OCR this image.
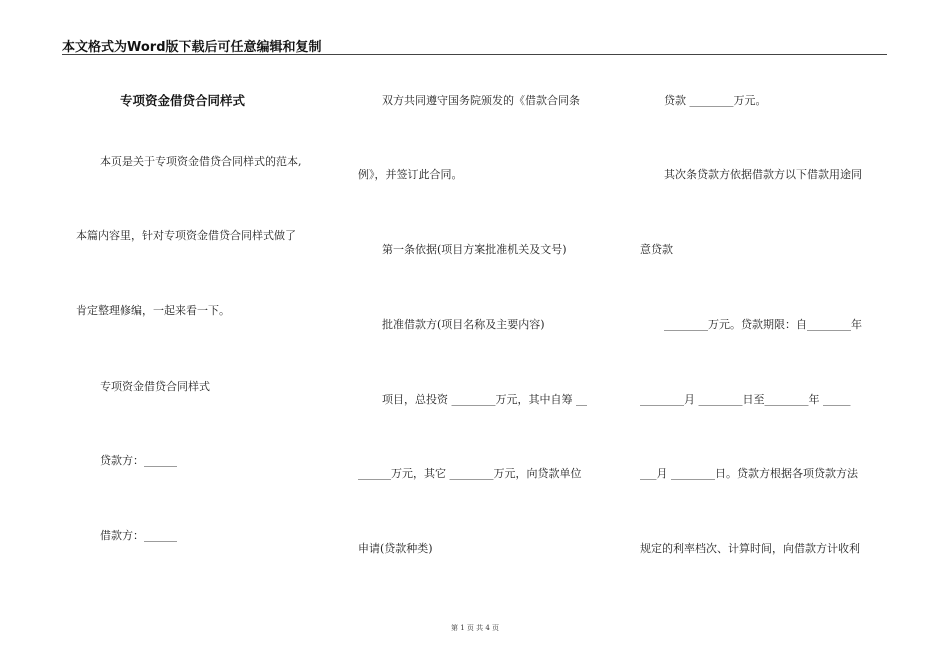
本文格式为Word版下载后可任意编辑和复制
专项资金借贷合同样式
本页是关于专项资金借贷合同样式的范本,
本篇内容里，针对专项资金借贷合同样式做了
肯定整理修编，一起来看一下。
专项资金借贷合同样式
贷款方：______
借款方：______
双方共同遵守国务院颁发的《借款合同条
例》，并签订此合同。
第一条依据(项目方案批准机关及文号)
批准借款方(项目名称及主要内容)
项目，总投资 ________万元，其中自筹 __
______万元，其它 ________万元，向贷款单位
申请(贷款种类)
贷款 ________万元。
其次条贷款方依据借款方以下借款用途同
意贷款
________万元。贷款期限：自________年
________月 ________日至________年 _____
___月 ________日。贷款方根据各项贷款方法
规定的利率档次、计算时间，向借款方计收利
第 1 页 共 4 页
